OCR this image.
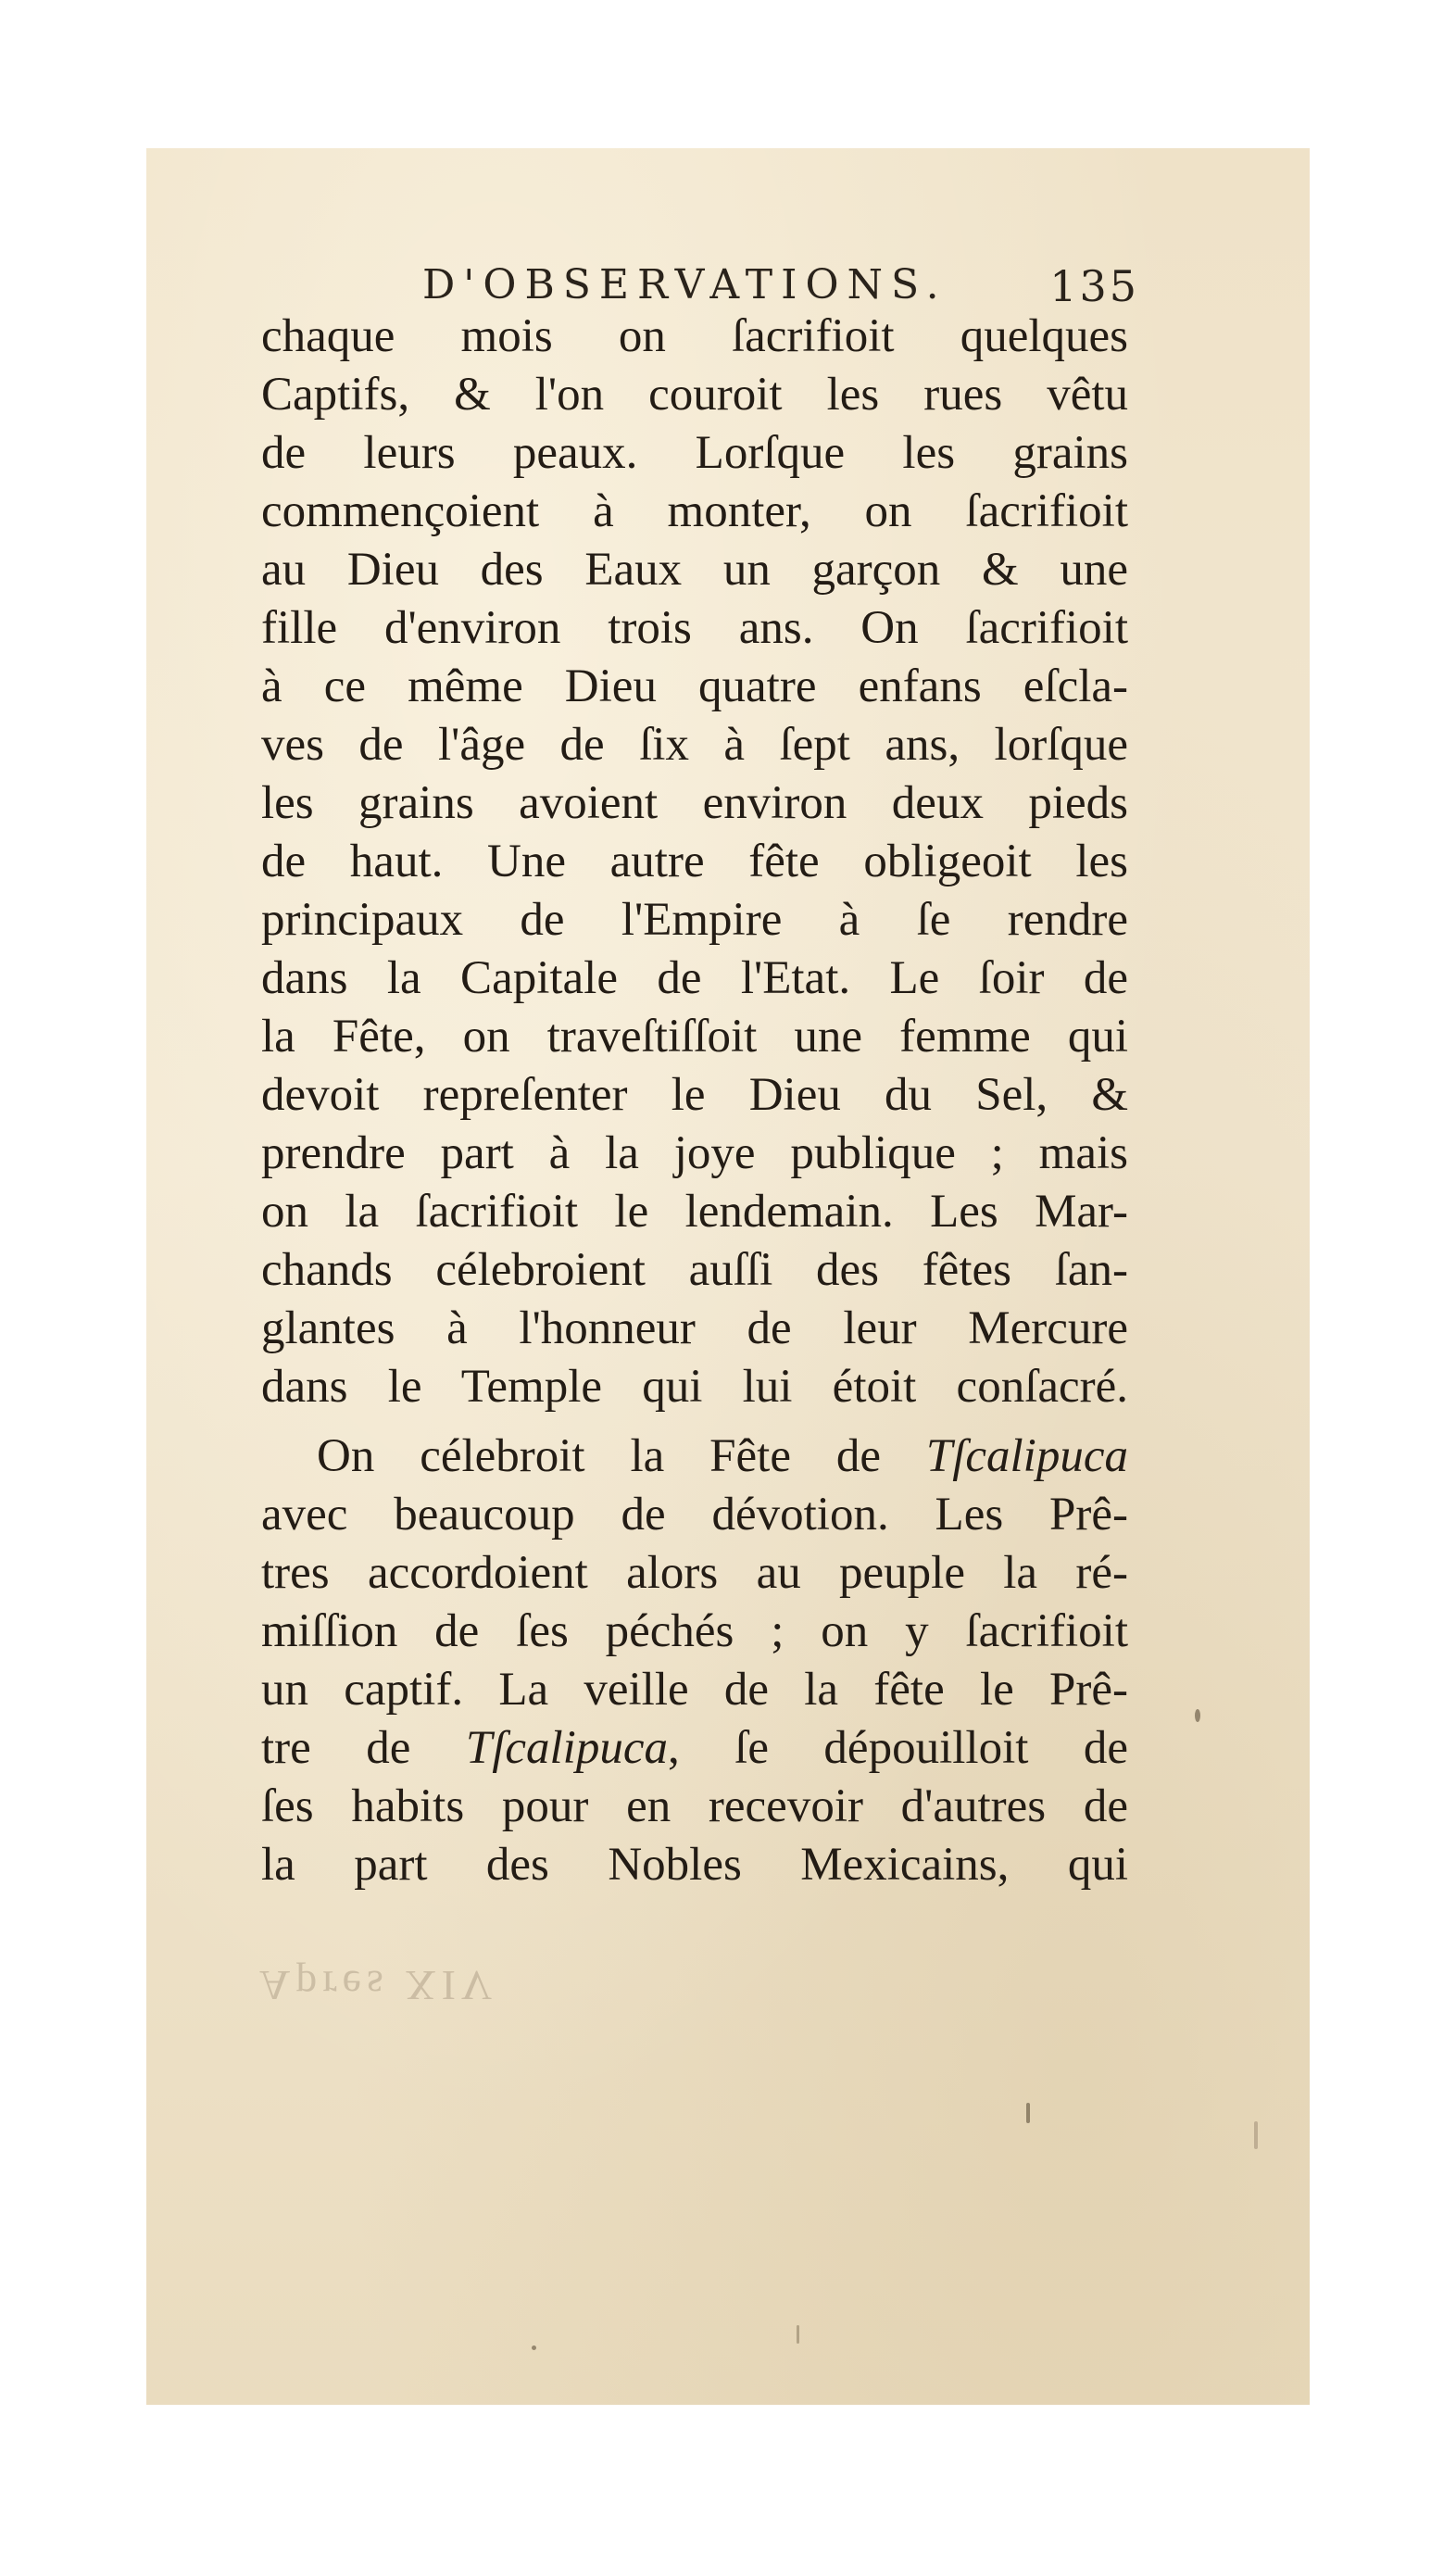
D'OBSERVATIONS. 135
chaque mois on ſacrifioit quelques
Captifs, & l'on couroit les rues vêtu
de leurs peaux. Lorſque les grains
commençoient à monter, on ſacrifioit
au Dieu des Eaux un garçon & une
fille d'environ trois ans. On ſacrifioit
à ce même Dieu quatre enfans eſcla-
ves de l'âge de ſix à ſept ans, lorſque
les grains avoient environ deux pieds
de haut. Une autre fête obligeoit les
principaux de l'Empire à ſe rendre
dans la Capitale de l'Etat. Le ſoir de
la Fête, on traveſtiſſoit une femme qui
devoit repreſenter le Dieu du Sel, &
prendre part à la joye publique ; mais
on la ſacrifioit le lendemain. Les Mar-
chands célebroient auſſi des fêtes ſan-
glantes à l'honneur de leur Mercure
dans le Temple qui lui étoit conſacré.
On célebroit la Fête de Tſcalipuca
avec beaucoup de dévotion. Les Prê-
tres accordoient alors au peuple la ré-
miſſion de ſes péchés ; on y ſacrifioit
un captif. La veille de la fête le Prê-
tre de Tſcalipuca, ſe dépouilloit de
ſes habits pour en recevoir d'autres de
la part des Nobles Mexicains, qui
Apres XIV
